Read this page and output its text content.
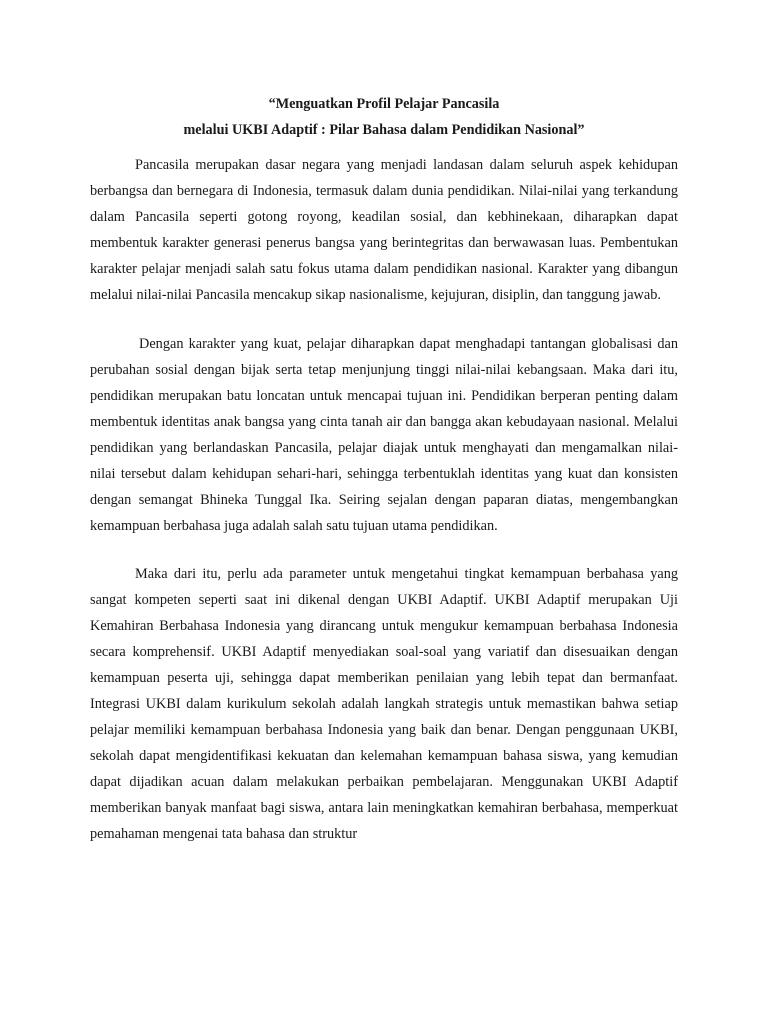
“Menguatkan Profil Pelajar Pancasila
melalui UKBI Adaptif : Pilar Bahasa dalam Pendidikan Nasional”

Pancasila merupakan dasar negara yang menjadi landasan dalam seluruh aspek kehidupan berbangsa dan bernegara di Indonesia, termasuk dalam dunia pendidikan. Nilai-nilai yang terkandung dalam Pancasila seperti gotong royong, keadilan sosial, dan kebhinekaan, diharapkan dapat membentuk karakter generasi penerus bangsa yang berintegritas dan berwawasan luas. Pembentukan karakter pelajar menjadi salah satu fokus utama dalam pendidikan nasional. Karakter yang dibangun melalui nilai-nilai Pancasila mencakup sikap nasionalisme, kejujuran, disiplin, dan tanggung jawab.

Dengan karakter yang kuat, pelajar diharapkan dapat menghadapi tantangan globalisasi dan perubahan sosial dengan bijak serta tetap menjunjung tinggi nilai-nilai kebangsaan. Maka dari itu, pendidikan merupakan batu loncatan untuk mencapai tujuan ini. Pendidikan berperan penting dalam membentuk identitas anak bangsa yang cinta tanah air dan bangga akan kebudayaan nasional. Melalui pendidikan yang berlandaskan Pancasila, pelajar diajak untuk menghayati dan mengamalkan nilai-nilai tersebut dalam kehidupan sehari-hari, sehingga terbentuklah identitas yang kuat dan konsisten dengan semangat Bhineka Tunggal Ika. Seiring sejalan dengan paparan diatas, mengembangkan kemampuan berbahasa juga adalah salah satu tujuan utama pendidikan.

Maka dari itu, perlu ada parameter untuk mengetahui tingkat kemampuan berbahasa yang sangat kompeten seperti saat ini dikenal dengan UKBI Adaptif. UKBI Adaptif merupakan Uji Kemahiran Berbahasa Indonesia yang dirancang untuk mengukur kemampuan berbahasa Indonesia secara komprehensif. UKBI Adaptif menyediakan soal-soal yang variatif dan disesuaikan dengan kemampuan peserta uji, sehingga dapat memberikan penilaian yang lebih tepat dan bermanfaat. Integrasi UKBI dalam kurikulum sekolah adalah langkah strategis untuk memastikan bahwa setiap pelajar memiliki kemampuan berbahasa Indonesia yang baik dan benar. Dengan penggunaan UKBI, sekolah dapat mengidentifikasi kekuatan dan kelemahan kemampuan bahasa siswa, yang kemudian dapat dijadikan acuan dalam melakukan perbaikan pembelajaran. Menggunakan UKBI Adaptif memberikan banyak manfaat bagi siswa, antara lain meningkatkan kemahiran berbahasa, memperkuat pemahaman mengenai tata bahasa dan struktur
